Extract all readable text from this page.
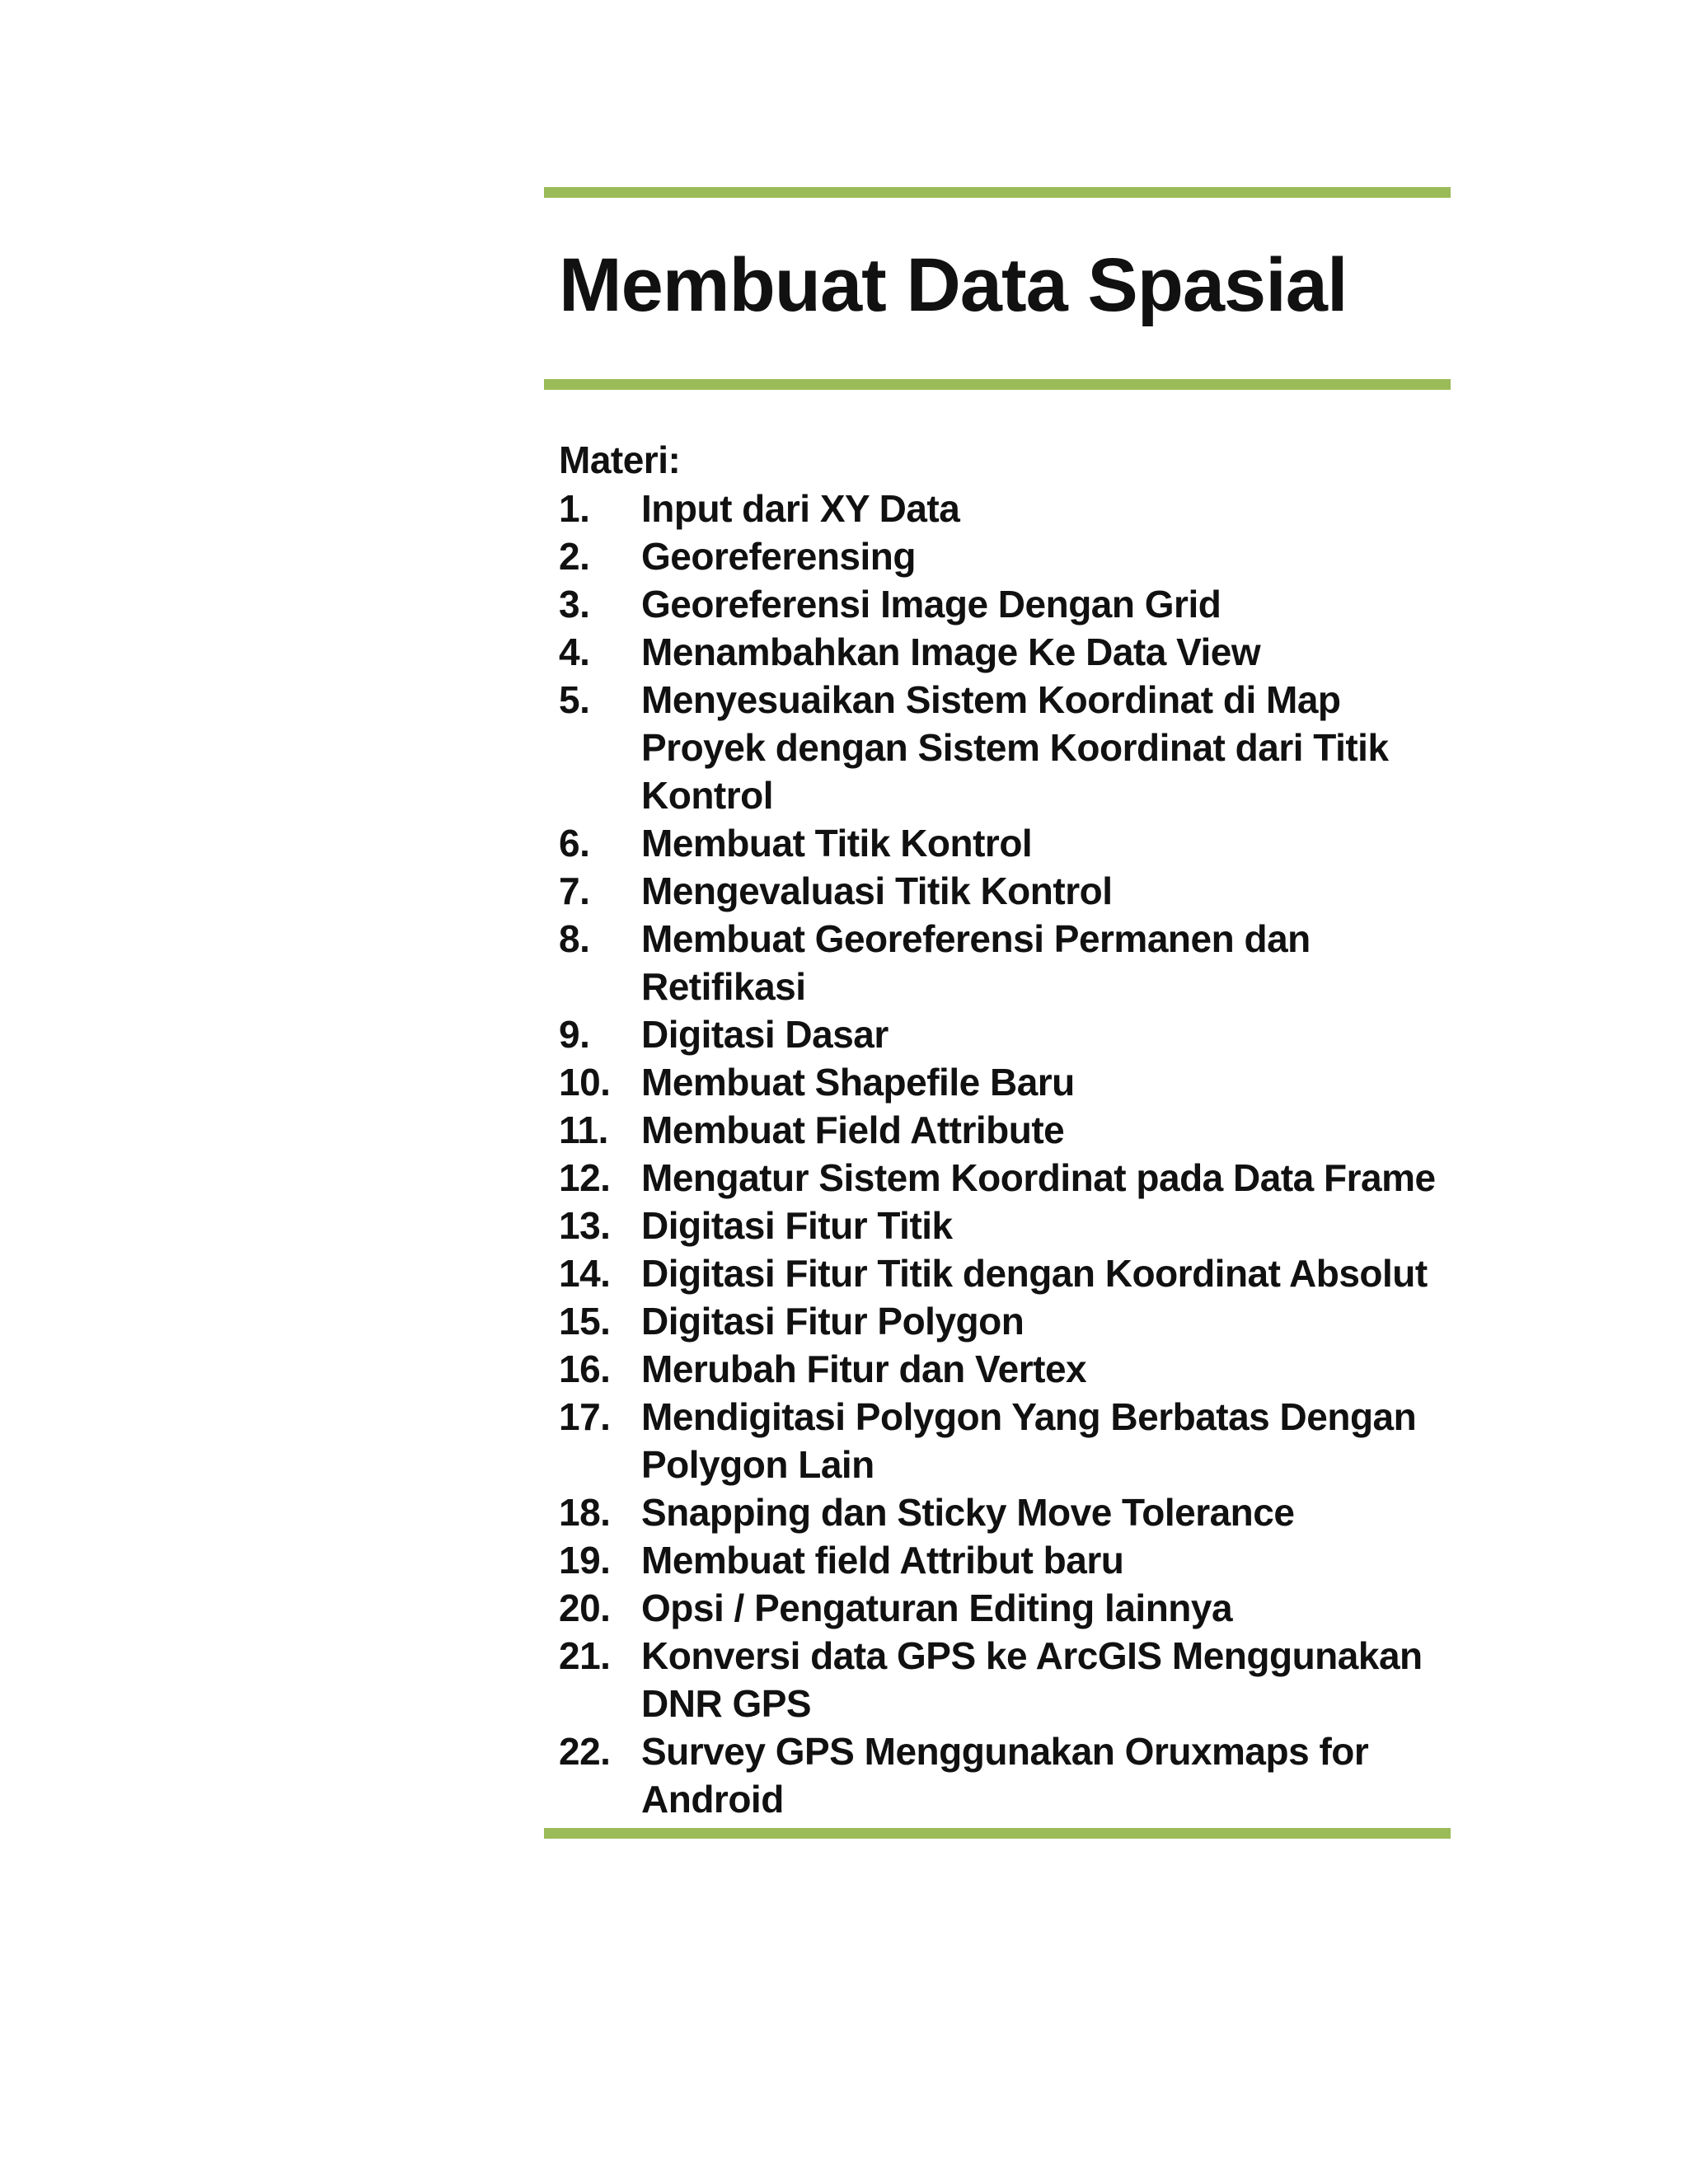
Membuat Data Spasial
Materi:
1.	Input dari XY Data
2.	Georeferensing
3.	Georeferensi Image Dengan Grid
4.	Menambahkan Image Ke Data View
5.	Menyesuaikan Sistem Koordinat di Map Proyek dengan Sistem Koordinat dari Titik Kontrol
6.	Membuat Titik Kontrol
7.	Mengevaluasi Titik Kontrol
8.	Membuat Georeferensi Permanen dan Retifikasi
9.	Digitasi Dasar
10. Membuat Shapefile Baru
11. Membuat Field Attribute
12. Mengatur Sistem Koordinat pada Data Frame
13. Digitasi Fitur Titik
14. Digitasi Fitur Titik dengan Koordinat Absolut
15. Digitasi Fitur Polygon
16. Merubah Fitur dan Vertex
17. Mendigitasi Polygon Yang Berbatas Dengan Polygon Lain
18. Snapping dan Sticky Move Tolerance
19. Membuat field Attribut baru
20. Opsi / Pengaturan Editing lainnya
21. Konversi data GPS ke ArcGIS Menggunakan DNR GPS
22. Survey GPS Menggunakan Oruxmaps for Android
